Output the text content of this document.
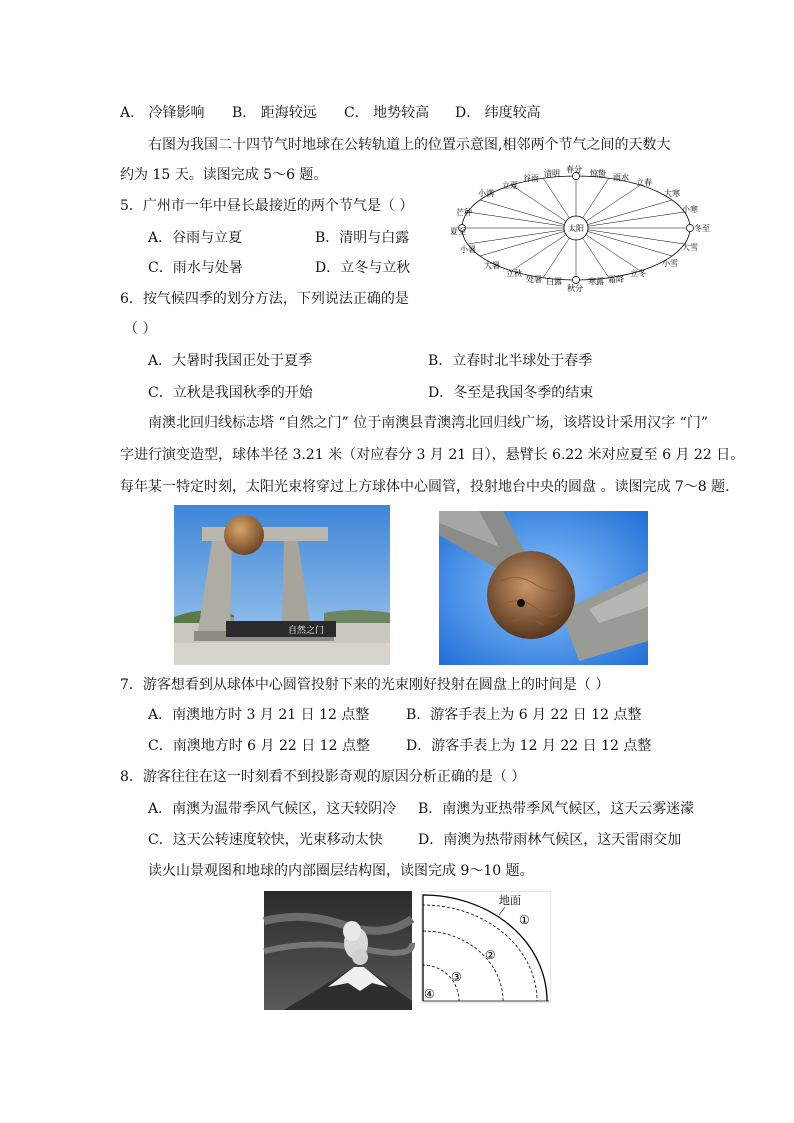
A． 冷锋影响 B． 距海较远 C． 地势较高 D． 纬度较高
右图为我国二十四节气时地球在公转轨道上的位置示意图,相邻两个节气之间的天数大
约为 15 天。读图完成 5～6 题。
5．广州市一年中昼长最接近的两个节气是（ ）
A．谷雨与立夏	B．清明与白露
C．雨水与处暑	D．立冬与立秋
太阳
小满
立夏
谷雨
清明 春分 惊蛰 雨水
立春
大寒
小寒
冬至
大雪
小雪
大暑
立秋
处暑 白露
秋分
寒露 霜降
立冬
芒种
夏至
小暑
6．按气候四季的划分方法，下列说法正确的是
（ ）
A．大暑时我国正处于夏季	B．立春时北半球处于春季
C．立秋是我国秋季的开始	D．冬至是我国冬季的结束
南澳北回归线标志塔 “自然之门” 位于南澳县青澳湾北回归线广场，该塔设计采用汉字 “门”
字进行演变造型，球体半径 3.21 米（对应春分 3 月 21 日），悬臂长 6.22 米对应夏至 6 月 22 日。
每年某一特定时刻，太阳光束将穿过上方球体中心圆管，投射地台中央的圆盘 。读图完成 7～8 题.
自然之门
7．游客想看到从球体中心圆管投射下来的光束刚好投射在圆盘上的时间是（ ）
A．南澳地方时 3 月 21 日 12 点整	B．游客手表上为 6 月 22 日 12 点整
C．南澳地方时 6 月 22 日 12 点整	D．游客手表上为 12 月 22 日 12 点整
8．游客往往在这一时刻看不到投影奇观的原因分析正确的是（ ）
A．南澳为温带季风气候区，这天较阴冷 B．南澳为亚热带季风气候区，这天云雾迷濛
C．这天公转速度较快，光束移动太快	D．南澳为热带雨林气候区，这天雷雨交加
读火山景观图和地球的内部圈层结构图，读图完成 9～10 题。
地面
①
②
③
④
